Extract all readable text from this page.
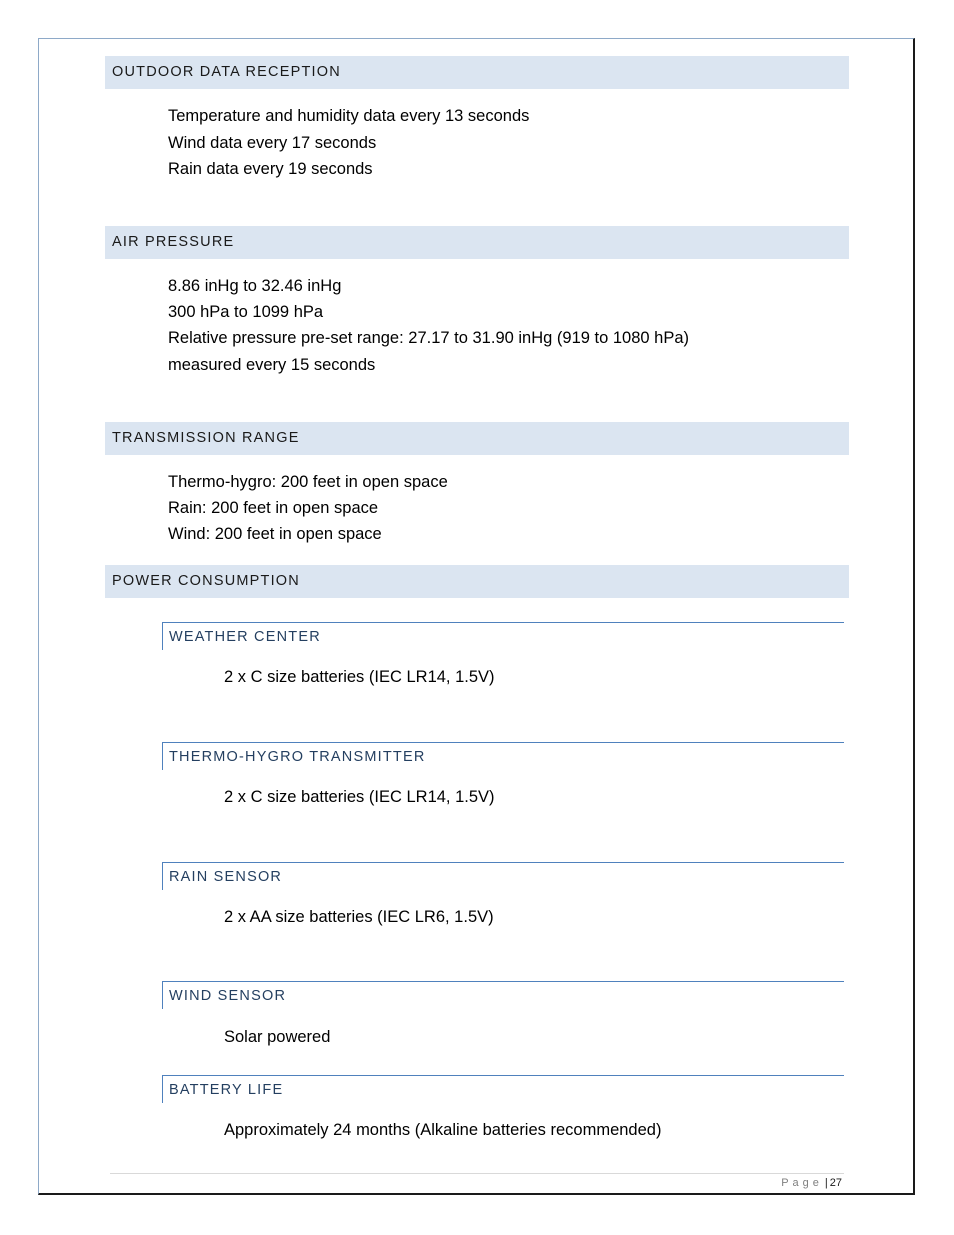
OUTDOOR DATA RECEPTION
Temperature and humidity data every 13 seconds
Wind data every 17 seconds
Rain data every 19 seconds
AIR PRESSURE
8.86 inHg to 32.46 inHg
300 hPa to 1099 hPa
Relative pressure pre-set range: 27.17 to 31.90 inHg (919 to 1080 hPa)
measured every 15 seconds
TRANSMISSION RANGE
Thermo-hygro: 200 feet in open space
Rain: 200 feet in open space
Wind: 200 feet in open space
POWER CONSUMPTION
WEATHER CENTER
2 x C size batteries (IEC LR14, 1.5V)
THERMO-HYGRO TRANSMITTER
2 x C size batteries (IEC LR14, 1.5V)
RAIN SENSOR
2 x AA size batteries (IEC LR6, 1.5V)
WIND SENSOR
Solar powered
BATTERY LIFE
Approximately 24 months (Alkaline batteries recommended)
Page | 27
